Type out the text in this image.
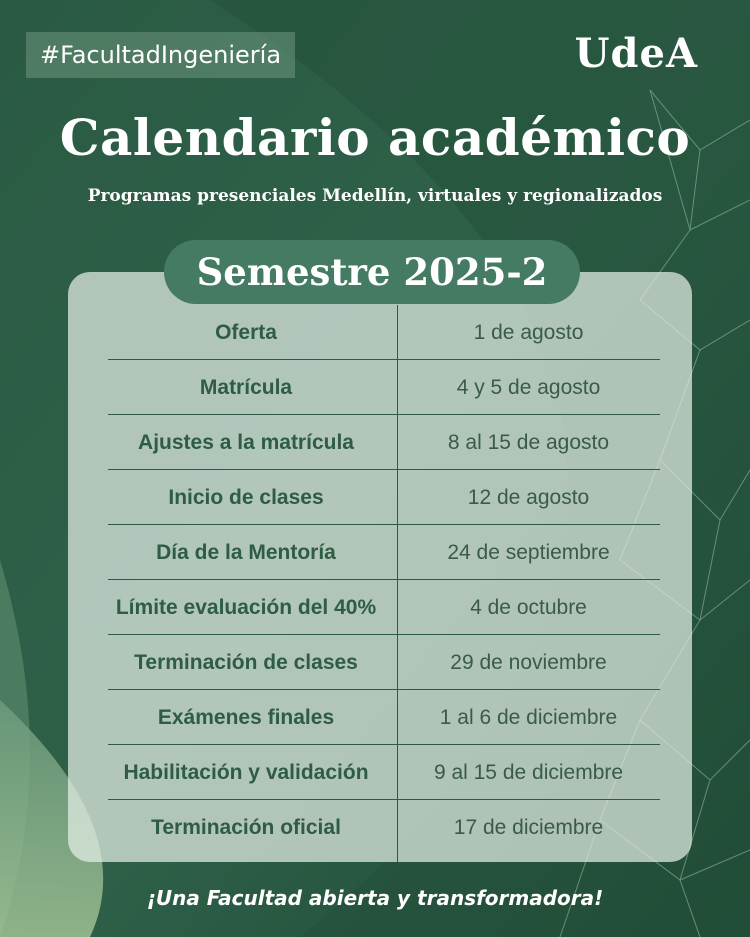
#FacultadIngeniería	UdeA
Calendario académico
Programas presenciales Medellín, virtuales y regionalizados
Oferta	1 de agosto
Matrícula	4 y 5 de agosto
Ajustes a la matrícula	8 al 15 de agosto
Inicio de clases	12 de agosto
Día de la Mentoría	24 de septiembre
Límite evaluación del 40%	4 de octubre
Terminación de clases	29 de noviembre
Exámenes finales	1 al 6 de diciembre
Habilitación y validación	9 al 15 de diciembre
Terminación oficial	17 de diciembre
Semestre 2025-2
¡Una Facultad abierta y transformadora!
